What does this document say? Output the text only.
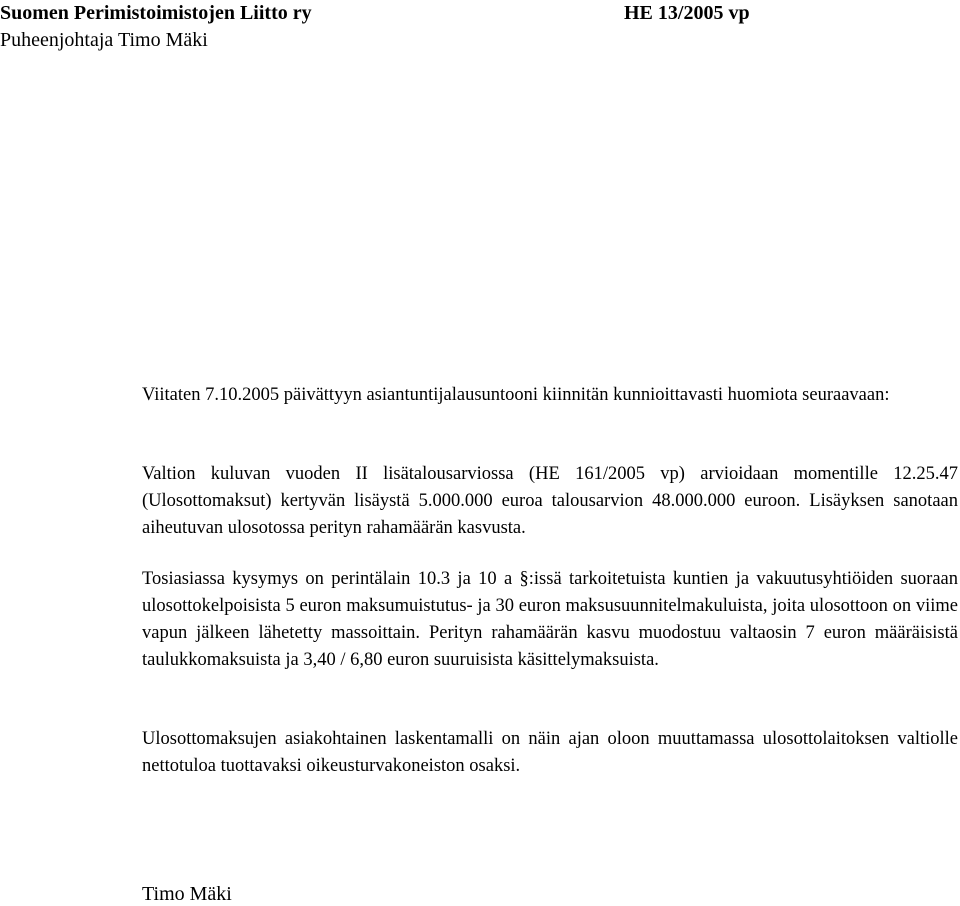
Suomen Perimistoimistojen Liitto ry
Puheenjohtaja Timo Mäki
HE 13/2005 vp

Viitaten 7.10.2005 päivättyyn asiantuntijalausuntooni kiinnitän kunnioittavasti huomiota seuraavaan:

Valtion kuluvan vuoden II lisätalousarviossa (HE 161/2005 vp) arvioidaan momentille 12.25.47 (Ulosottomaksut) kertyvän lisäystä 5.000.000 euroa talousarvion 48.000.000 euroon. Lisäyksen sanotaan aiheutuvan ulosotossa perityn rahamäärän kasvusta.

Tosiasiassa kysymys on perintälain 10.3 ja 10 a §:issä tarkoitetuista kuntien ja vakuutusyhtiöiden suoraan ulosottokelpoisista 5 euron maksumuistutus- ja 30 euron maksusuunnitelmakuluista, joita ulosottoon on viime vapun jälkeen lähetetty massoittain. Perityn rahamäärän kasvu muodostuu valtaosin 7 euron määräisistä taulukkomaksuista ja 3,40 / 6,80 euron suuruisista käsittelymaksuista.

Ulosottomaksujen asiakohtainen laskentamalli on näin ajan oloon muuttamassa ulosottolaitoksen valtiolle nettotuloa tuottavaksi oikeusturvakoneiston osaksi.

Timo Mäki
